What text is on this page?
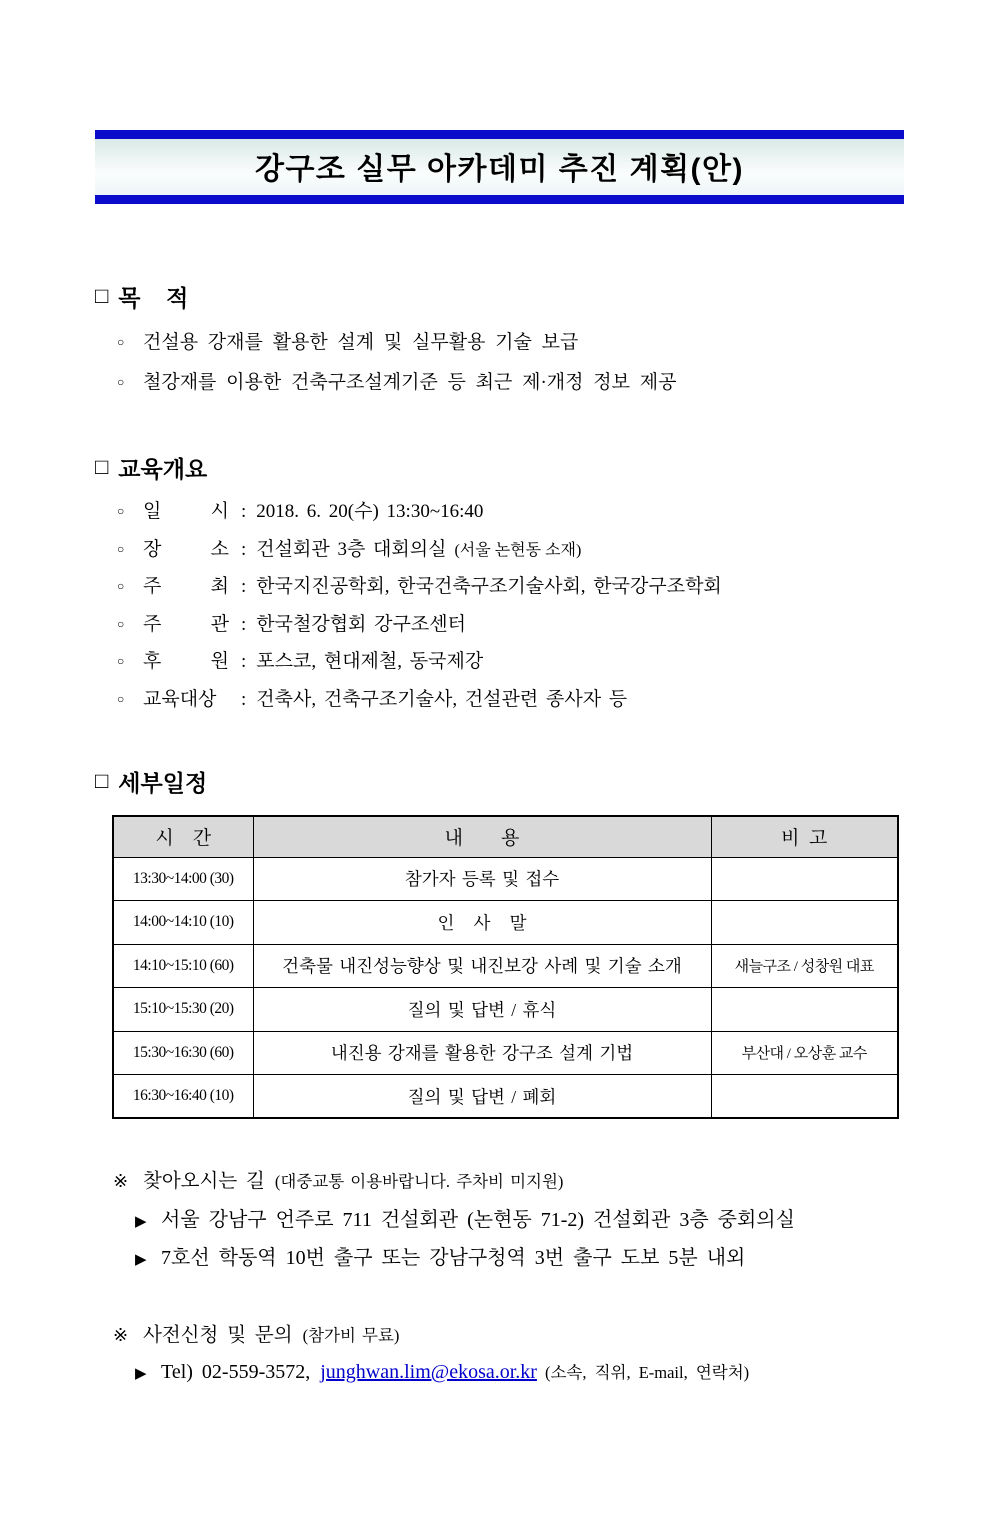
강구조 실무 아카데미 추진 계획(안)
□ 목    적
○ 건설용 강재를 활용한 설계 및 실무활용 기술 보급
○ 철강재를 이용한 건축구조설계기준 등 최근 제·개정 정보 제공
□ 교육개요
○ 일 시 : 2018. 6. 20(수) 13:30~16:40
○ 장 소 : 건설회관 3층 대회의실 (서울 논현동 소재)
○ 주 최 : 한국지진공학회, 한국건축구조기술사회, 한국강구조학회
○ 주 관 : 한국철강협회 강구조센터
○ 후 원 : 포스코, 현대제철, 동국제강
○ 교육대상	: 건축사, 건축구조기술사, 건설관련 종사자 등
□ 세부일정
시    간	내        용	비  고
13:30~14:00 (30)	참가자 등록 및 접수	
14:00~14:10 (10)	인   사   말	
14:10~15:10 (60)	건축물 내진성능향상 및 내진보강 사례 및 기술 소개	새늘구조 / 성창원 대표
15:10~15:30 (20)	질의 및 답변 / 휴식	
15:30~16:30 (60)	내진용 강재를 활용한 강구조 설계 기법	부산대 / 오상훈 교수
16:30~16:40 (10)	질의 및 답변 / 폐회	
※ 찾아오시는 길 (대중교통 이용바랍니다. 주차비 미지원)
▶ 서울 강남구 언주로 711 건설회관 (논현동 71-2) 건설회관 3층 중회의실
▶ 7호선 학동역 10번 출구 또는 강남구청역 3번 출구 도보 5분 내외
※ 사전신청 및 문의 (참가비 무료)
▶ Tel) 02-559-3572, junghwan.lim@ekosa.or.kr (소속, 직위, E-mail, 연락처)
